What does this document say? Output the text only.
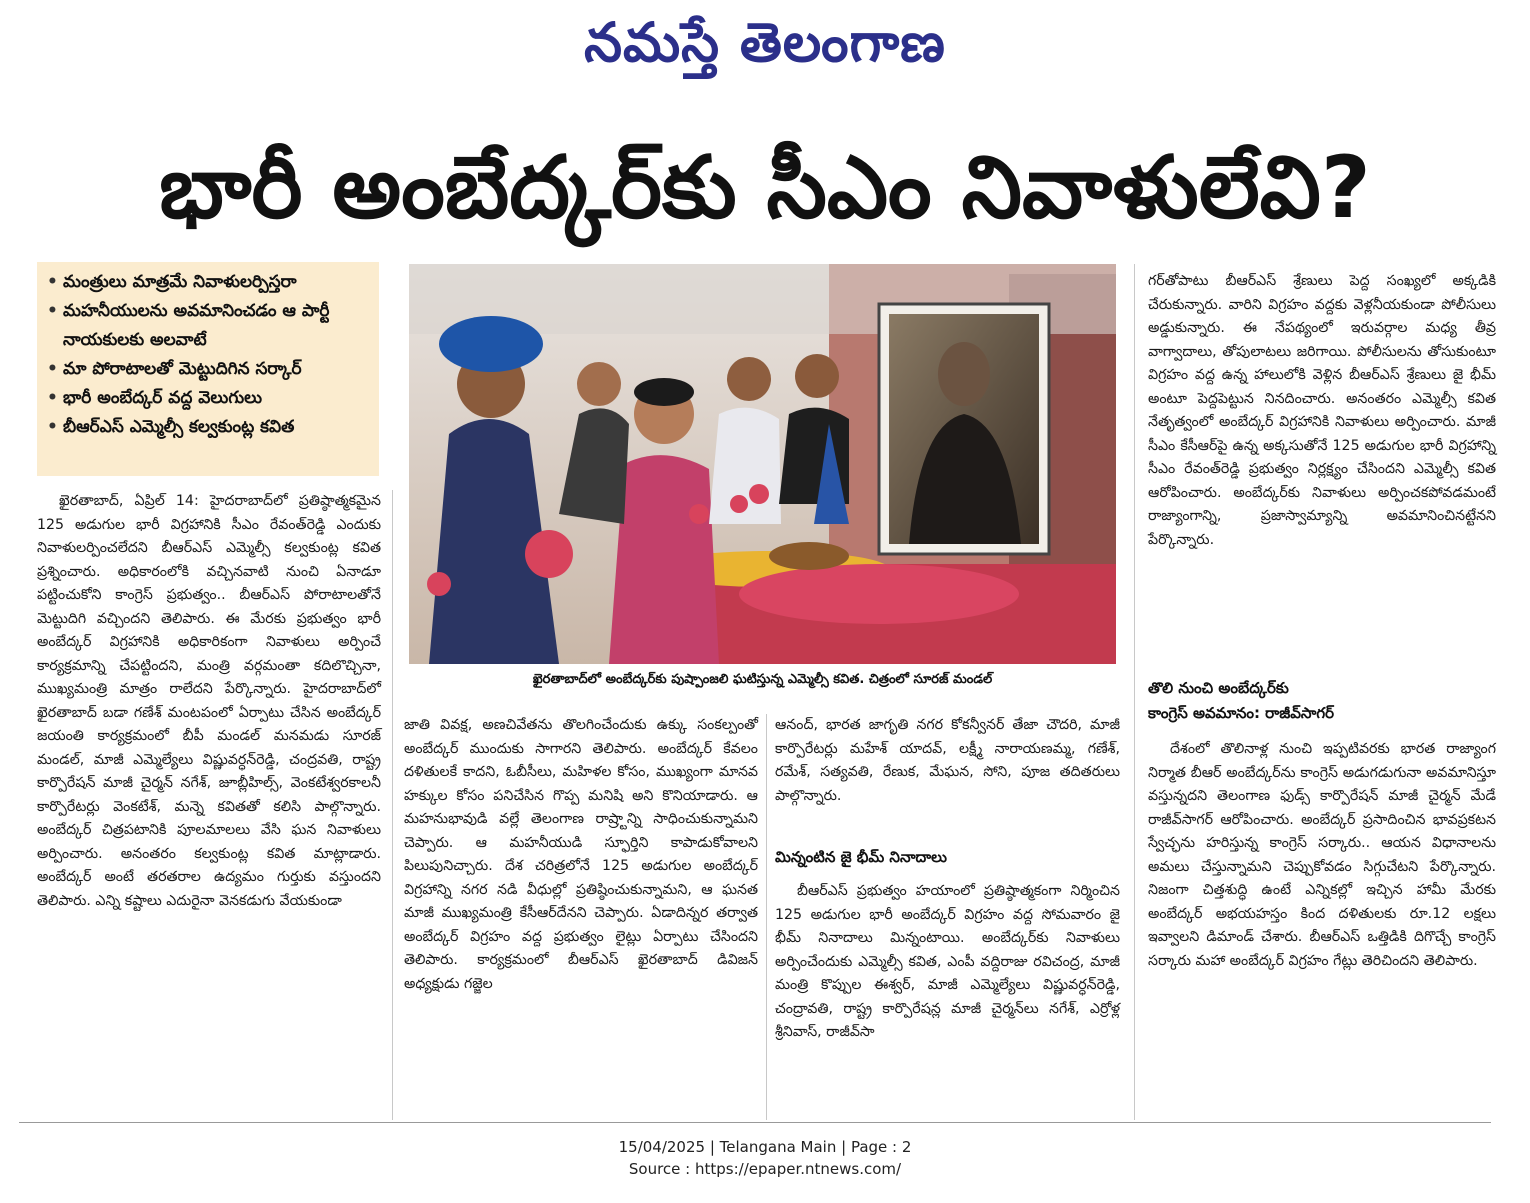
నమస్తే తెలంగాణ
భారీ అంబేద్కర్‌కు సీఎం నివాళులేవి?
• మంత్రులు మాత్రమే నివాళులర్పిస్తరా
• మహనీయులను అవమానించడం ఆ పార్టీ నాయకులకు అలవాటే
• మా పోరాటాలతో మెట్టుదిగిన సర్కార్
• భారీ అంబేద్కర్ వద్ద వెలుగులు
• బీఆర్‌ఎస్ ఎమ్మెల్సీ కల్వకుంట్ల కవిత
ఖైరతాబాద్‌లో అంబేద్కర్‌కు పుష్పాంజలి ఘటిస్తున్న ఎమ్మెల్సీ కవిత. చిత్రంలో సూరజ్ మండల్

ఖైరతాబాద్, ఏప్రిల్ 14: హైదరాబాద్‌లో ప్రతిష్ఠాత్మకమైన 125 అడుగుల భారీ విగ్రహానికి సీఎం రేవంత్‌రెడ్డి ఎందుకు నివాళులర్పించలేదని బీఆర్‌ఎస్ ఎమ్మెల్సీ కల్వకుంట్ల కవిత ప్రశ్నించారు. అధికారంలోకి వచ్చినవాటి నుంచి ఏనాడూ పట్టించుకోని కాంగ్రెస్ ప్రభుత్వం.. బీఆర్‌ఎస్ పోరాటాలతోనే మెట్టుదిగి వచ్చిందని తెలిపారు. ఈ మేరకు ప్రభుత్వం భారీ అంబేద్కర్ విగ్రహానికి అధికారికంగా నివాళులు అర్పించే కార్యక్రమాన్ని చేపట్టిందని, మంత్రి వర్గమంతా కదిలొచ్చినా, ముఖ్యమంత్రి మాత్రం రాలేదని పేర్కొన్నారు. హైదరాబాద్‌లో ఖైరతాబాద్ బడా గణేశ్ మంటపంలో ఏర్పాటు చేసిన అంబేద్కర్ జయంతి కార్యక్రమంలో బీపీ మండల్ మనమడు సూరజ్ మండల్, మాజీ ఎమ్మెల్యేలు విష్ణువర్ధన్‌రెడ్డి, చంద్రవతి, రాష్ట్ర కార్పొరేషన్ మాజీ చైర్మన్ నగేశ్, జూబ్లీహిల్స్, వెంకటేశ్వరకాలనీ కార్పొరేటర్లు వెంకటేశ్, మన్నె కవితతో కలిసి పాల్గొన్నారు. అంబేద్కర్ చిత్రపటానికి పూలమాలలు వేసి ఘన నివాళులు అర్పించారు. అనంతరం కల్వకుంట్ల కవిత మాట్లాడారు. అంబేద్కర్ అంటే తరతరాల ఉద్యమం గుర్తుకు వస్తుందని తెలిపారు. ఎన్ని కష్టాలు ఎదురైనా వెనకడుగు వేయకుండా

జాతి వివక్ష, అణచివేతను తొలగించేందుకు ఉక్కు సంకల్పంతో అంబేద్కర్ ముందుకు సాగారని తెలిపారు. అంబేద్కర్ కేవలం దళితులకే కాదని, ఓబీసీలు, మహిళల కోసం, ముఖ్యంగా మానవ హక్కుల కోసం పనిచేసిన గొప్ప మనిషి అని కొనియాడారు. ఆ మహనుభావుడి వల్లే తెలంగాణ రాష్ర్టాన్ని సాధించుకున్నామని చెప్పారు. ఆ మహనీయుడి స్ఫూర్తిని కాపాడుకోవాలని పిలుపునిచ్చారు. దేశ చరిత్రలోనే 125 అడుగుల అంబేద్కర్ విగ్రహాన్ని నగర నడి వీధుల్లో ప్రతిష్ఠించుకున్నామని, ఆ ఘనత మాజీ ముఖ్యమంత్రి కేసీఆర్‌దేనని చెప్పారు. ఏడాదిన్నర తర్వాత అంబేద్కర్ విగ్రహం వద్ద ప్రభుత్వం లైట్లు ఏర్పాటు చేసిందని తెలిపారు. కార్యక్రమంలో బీఆర్‌ఎస్ ఖైరతాబాద్ డివిజన్ అధ్యక్షుడు గజ్జెల

ఆనంద్, భారత జాగృతి నగర కోకన్వీనర్ తేజా చౌదరి, మాజీ కార్పొరేటర్లు మహేశ్ యాదవ్, లక్ష్మీ నారాయణమ్మ, గణేశ్, రమేశ్, సత్యవతి, రేణుక, మేఘన, సోని, పూజ తదితరులు పాల్గొన్నారు.

మిన్నంటిన జై భీమ్ నినాదాలు

బీఆర్‌ఎస్ ప్రభుత్వం హయాంలో ప్రతిష్ఠాత్మకంగా నిర్మించిన 125 అడుగుల భారీ అంబేద్కర్ విగ్రహం వద్ద సోమవారం జై భీమ్ నినాదాలు మిన్నంటాయి. అంబేద్కర్‌కు నివాళులు అర్పించేందుకు ఎమ్మెల్సీ కవిత, ఎంపీ వద్దిరాజు రవిచంద్ర, మాజీ మంత్రి కొప్పుల ఈశ్వర్, మాజీ ఎమ్మెల్యేలు విష్ణువర్ధన్‌రెడ్డి, చంద్రావతి, రాష్ట్ర కార్పొరేషన్ల మాజీ చైర్మన్‌లు నగేశ్, ఎర్రోళ్ల శ్రీనివాస్, రాజీవ్‌సా

గర్‌తోపాటు బీఆర్‌ఎస్ శ్రేణులు పెద్ద సంఖ్యలో అక్కడికి చేరుకున్నారు. వారిని విగ్రహం వద్దకు వెళ్లనీయకుండా పోలీసులు అడ్డుకున్నారు. ఈ నేపథ్యంలో ఇరువర్గాల మధ్య తీవ్ర వాగ్వాదాలు, తోపులాటలు జరిగాయి. పోలీసులను తోసుకుంటూ విగ్రహం వద్ద ఉన్న హాలులోకి వెళ్లిన బీఆర్‌ఎస్ శ్రేణులు జై భీమ్ అంటూ పెద్దపెట్టున నినదించారు. అనంతరం ఎమ్మెల్సీ కవిత నేతృత్వంలో అంబేద్కర్ విగ్రహానికి నివాళులు అర్పించారు. మాజీ సీఎం కేసీఆర్‌పై ఉన్న అక్కసుతోనే 125 అడుగుల భారీ విగ్రహాన్ని సీఎం రేవంత్‌రెడ్డి ప్రభుత్వం నిర్లక్ష్యం చేసిందని ఎమ్మెల్సీ కవిత ఆరోపించారు. అంబేద్కర్‌కు నివాళులు అర్పించకపోవడమంటే రాజ్యాంగాన్ని, ప్రజాస్వామ్యాన్ని అవమానించినట్టేనని పేర్కొన్నారు.

తొలి నుంచి అంబేద్కర్‌కు
కాంగ్రెస్ అవమానం: రాజీవ్‌సాగర్

దేశంలో తొలినాళ్ల నుంచి ఇప్పటివరకు భారత రాజ్యాంగ నిర్మాత బీఆర్ అంబేద్కర్‌ను కాంగ్రెస్ అడుగడుగునా అవమానిస్తూ వస్తున్నదని తెలంగాణ ఫుడ్స్ కార్పొరేషన్ మాజీ చైర్మన్ మేడే రాజీవ్‌సాగర్ ఆరోపించారు. అంబేద్కర్ ప్రసాదించిన భావప్రకటన స్వేచ్ఛను హరిస్తున్న కాంగ్రెస్ సర్కారు.. ఆయన విధానాలను అమలు చేస్తున్నామని చెప్పుకోవడం సిగ్గుచేటని పేర్కొన్నారు. నిజంగా చిత్తశుద్ధి ఉంటే ఎన్నికల్లో ఇచ్చిన హామీ మేరకు అంబేద్కర్ అభయహస్తం కింద దళితులకు రూ.12 లక్షలు ఇవ్వాలని డిమాండ్ చేశారు. బీఆర్‌ఎస్ ఒత్తిడికి దిగొచ్చే కాంగ్రెస్ సర్కారు మహా అంబేద్కర్ విగ్రహం గేట్లు తెరిచిందని తెలిపారు.

15/04/2025 | Telangana Main | Page : 2
Source : https://epaper.ntnews.com/
